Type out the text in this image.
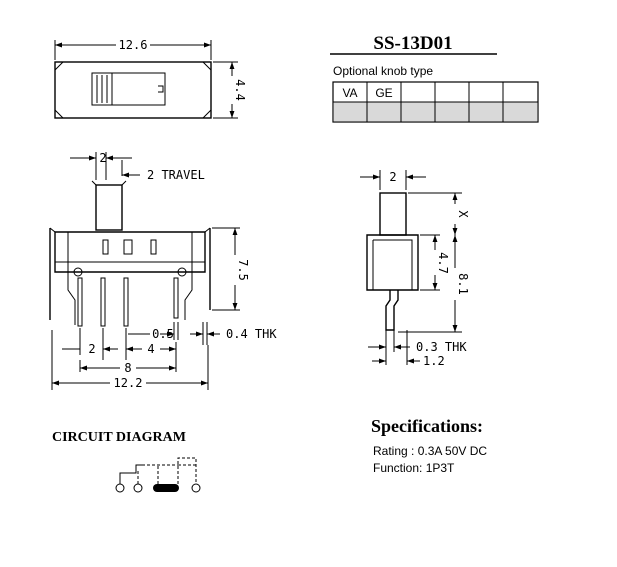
12.6
4.4
2
2 TRAVEL
7.5
0.5	0.4 THK
2	4
8
12.2
2
X
4.7
8.1
0.3 THK
1.2
SS-13D01
Optional knob type
VA GE
CIRCUIT DIAGRAM
Specifications:
Rating : 0.3A 50V DC
Function: 1P3T
